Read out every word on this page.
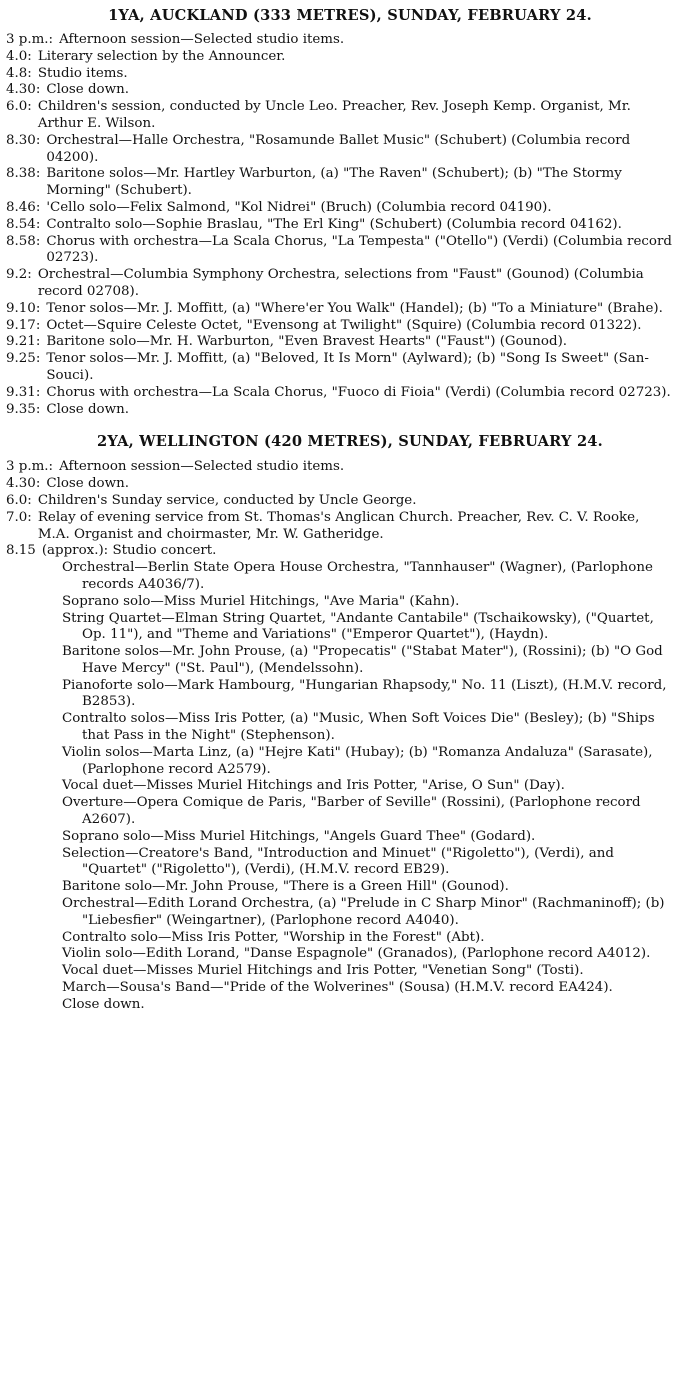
1YA, AUCKLAND (333 METRES), SUNDAY, FEBRUARY 24.
3 p.m.: Afternoon session—Selected studio items.
4.0: Literary selection by the Announcer.
4.8: Studio items.
4.30: Close down.
6.0: Children's session, conducted by Uncle Leo. Preacher, Rev. Joseph Kemp. Organist, Mr. Arthur E. Wilson.
8.30: Orchestral—Halle Orchestra, "Rosamunde Ballet Music" (Schubert) (Columbia record 04200).
8.38: Baritone solos—Mr. Hartley Warburton, (a) "The Raven" (Schubert); (b) "The Stormy Morning" (Schubert).
8.46: 'Cello solo—Felix Salmond, "Kol Nidrei" (Bruch) (Columbia record 04190).
8.54: Contralto solo—Sophie Braslau, "The Erl King" (Schubert) (Columbia record 04162).
8.58: Chorus with orchestra—La Scala Chorus, "La Tempesta" ("Otello") (Verdi) (Columbia record 02723).
9.2: Orchestral—Columbia Symphony Orchestra, selections from "Faust" (Gounod) (Columbia record 02708).
9.10: Tenor solos—Mr. J. Moffitt, (a) "Where'er You Walk" (Handel); (b) "To a Miniature" (Brahe).
9.17: Octet—Squire Celeste Octet, "Evensong at Twilight" (Squire) (Columbia record 01322).
9.21: Baritone solo—Mr. H. Warburton, "Even Bravest Hearts" ("Faust") (Gounod).
9.25: Tenor solos—Mr. J. Moffitt, (a) "Beloved, It Is Morn" (Aylward); (b) "Song Is Sweet" (San-Souci).
9.31: Chorus with orchestra—La Scala Chorus, "Fuoco di Fioia" (Verdi) (Columbia record 02723).
9.35: Close down.
2YA, WELLINGTON (420 METRES), SUNDAY, FEBRUARY 24.
3 p.m.: Afternoon session—Selected studio items.
4.30: Close down.
6.0: Children's Sunday service, conducted by Uncle George.
7.0: Relay of evening service from St. Thomas's Anglican Church. Preacher, Rev. C. V. Rooke, M.A. Organist and choirmaster, Mr. W. Gatheridge.
8.15 (approx.): Studio concert.
Orchestral—Berlin State Opera House Orchestra, "Tannhauser" (Wagner), (Parlophone records A4036/7).
Soprano solo—Miss Muriel Hitchings, "Ave Maria" (Kahn).
String Quartet—Elman String Quartet, "Andante Cantabile" (Tschaikowsky), ("Quartet, Op. 11"), and "Theme and Variations" ("Emperor Quartet"), (Haydn).
Baritone solos—Mr. John Prouse, (a) "Propecatis" ("Stabat Mater"), (Rossini); (b) "O God Have Mercy" ("St. Paul"), (Mendelssohn).
Pianoforte solo—Mark Hambourg, "Hungarian Rhapsody," No. 11 (Liszt), (H.M.V. record, B2853).
Contralto solos—Miss Iris Potter, (a) "Music, When Soft Voices Die" (Besley); (b) "Ships that Pass in the Night" (Stephenson).
Violin solos—Marta Linz, (a) "Hejre Kati" (Hubay); (b) "Romanza Andaluza" (Sarasate), (Parlophone record A2579).
Vocal duet—Misses Muriel Hitchings and Iris Potter, "Arise, O Sun" (Day).
Overture—Opera Comique de Paris, "Barber of Seville" (Rossini), (Parlophone record A2607).
Soprano solo—Miss Muriel Hitchings, "Angels Guard Thee" (Godard).
Selection—Creatore's Band, "Introduction and Minuet" ("Rigoletto"), (Verdi), and "Quartet" ("Rigoletto"), (Verdi), (H.M.V. record EB29).
Baritone solo—Mr. John Prouse, "There is a Green Hill" (Gounod).
Orchestral—Edith Lorand Orchestra, (a) "Prelude in C Sharp Minor" (Rachmaninoff); (b) "Liebesfier" (Weingartner), (Parlophone record A4040).
Contralto solo—Miss Iris Potter, "Worship in the Forest" (Abt).
Violin solo—Edith Lorand, "Danse Espagnole" (Granados), (Parlophone record A4012).
Vocal duet—Misses Muriel Hitchings and Iris Potter, "Venetian Song" (Tosti).
March—Sousa's Band—"Pride of the Wolverines" (Sousa) (H.M.V. record EA424).
Close down.
